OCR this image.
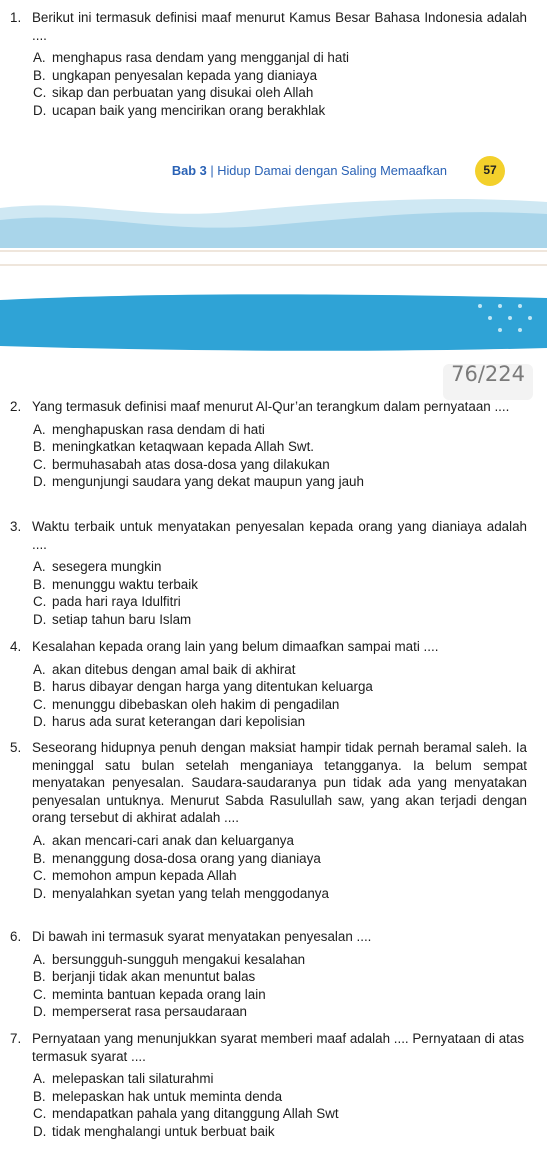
1. Berikut ini termasuk definisi maaf menurut Kamus Besar Bahasa Indonesia adalah ....
A. menghapus rasa dendam yang mengganjal di hati
B. ungkapan penyesalan kepada yang dianiaya
C. sikap dan perbuatan yang disukai oleh Allah
D. ucapan baik yang mencirikan orang berakhlak
Bab 3 | Hidup Damai dengan Saling Memaafkan	57
76/224
2. Yang termasuk definisi maaf menurut Al-Qur’an terangkum dalam pernyataan ....
A. menghapuskan rasa dendam di hati
B. meningkatkan ketaqwaan kepada Allah Swt.
C. bermuhasabah atas dosa-dosa yang dilakukan
D. mengunjungi saudara yang dekat maupun yang jauh
3. Waktu terbaik untuk menyatakan penyesalan kepada orang yang dianiaya adalah ....
A. sesegera mungkin
B. menunggu waktu terbaik
C. pada hari raya Idulfitri
D. setiap tahun baru Islam
4. Kesalahan kepada orang lain yang belum dimaafkan sampai mati ....
A. akan ditebus dengan amal baik di akhirat
B. harus dibayar dengan harga yang ditentukan keluarga
C. menunggu dibebaskan oleh hakim di pengadilan
D. harus ada surat keterangan dari kepolisian
5. Seseorang hidupnya penuh dengan maksiat hampir tidak pernah beramal saleh. Ia meninggal satu bulan setelah menganiaya tetangganya. Ia belum sempat menyatakan penyesalan. Saudara-saudaranya pun tidak ada yang menyatakan penyesalan untuknya. Menurut Sabda Rasulullah saw, yang akan terjadi dengan orang tersebut di akhirat adalah ....
A. akan mencari-cari anak dan keluarganya
B. menanggung dosa-dosa orang yang dianiaya
C. memohon ampun kepada Allah
D. menyalahkan syetan yang telah menggodanya
6. Di bawah ini termasuk syarat menyatakan penyesalan ....
A. bersungguh-sungguh mengakui kesalahan
B. berjanji tidak akan menuntut balas
C. meminta bantuan kepada orang lain
D. memperserat rasa persaudaraan
7. Pernyataan yang menunjukkan syarat memberi maaf adalah .... Pernyataan di atas termasuk syarat ....
A. melepaskan tali silaturahmi
B. melepaskan hak untuk meminta denda
C. mendapatkan pahala yang ditanggung Allah Swt
D. tidak menghalangi untuk berbuat baik
